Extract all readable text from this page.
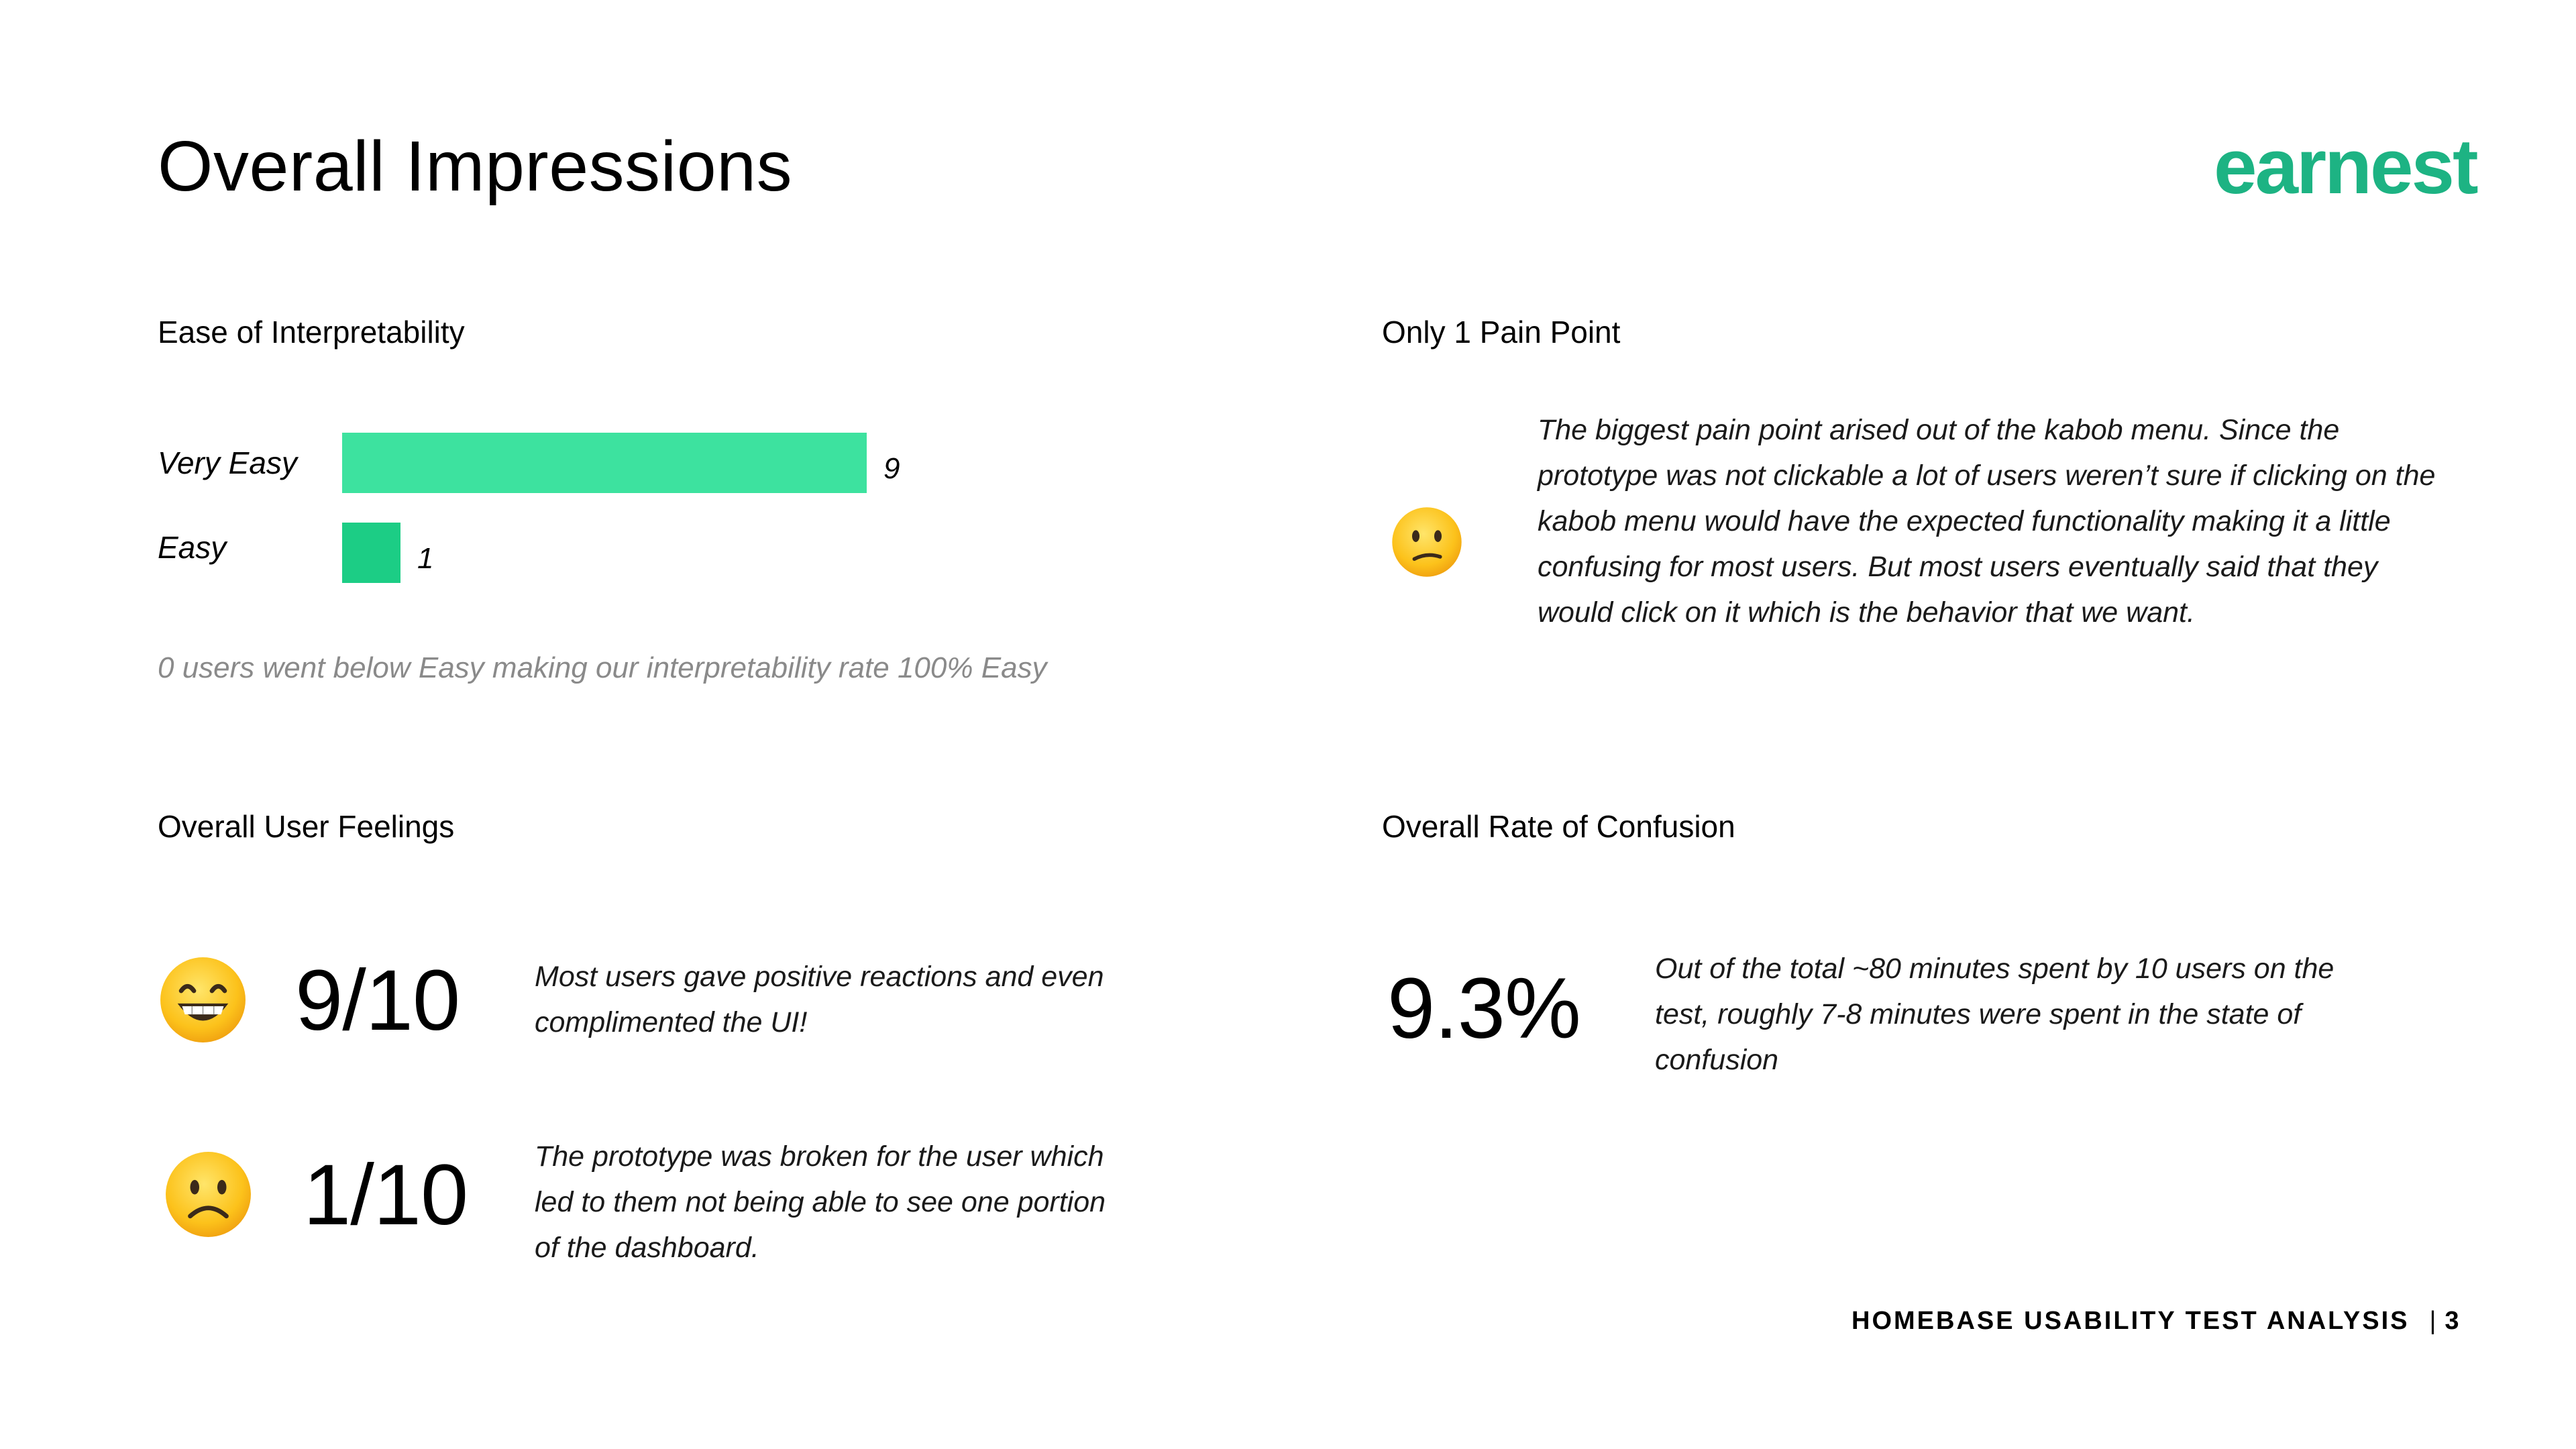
Overall Impressions	earnest
Ease of Interpretability
Very Easy	9
Easy	1
0 users went below Easy making our interpretability rate 100% Easy
Only 1 Pain Point
The biggest pain point arised out of the kabob menu. Since the prototype was not clickable a lot of users weren’t sure if clicking on the kabob menu would have the expected functionality making it a little confusing for most users. But most users eventually said that they would click on it which is the behavior that we want.
Overall User Feelings
9/10	Most users gave positive reactions and even complimented the UI!
1/10 The prototype was broken for the user which led to them not being able to see one portion of the dashboard.
Overall Rate of Confusion
9.3%	Out of the total ~80 minutes spent by 10 users on the test, roughly 7-8 minutes were spent in the state of confusion
HOMEBASE USABILITY TEST ANALYSIS | 3
